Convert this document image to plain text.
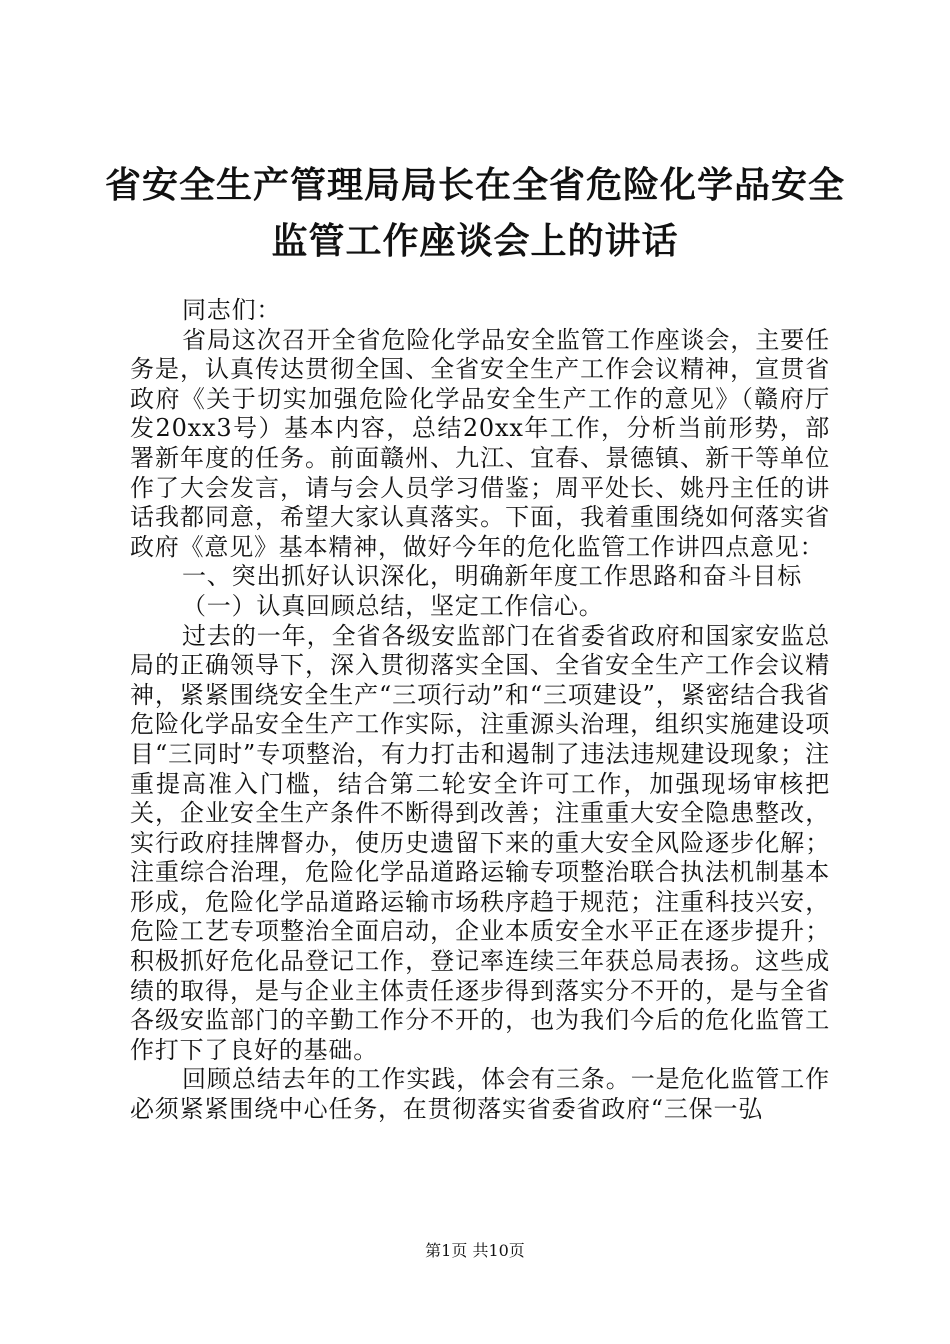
省安全生产管理局局长在全省危险化学品安全
监管工作座谈会上的讲话

同志们：

省局这次召开全省危险化学品安全监管工作座谈会，主要任务是，认真传达贯彻全国、全省安全生产工作会议精神，宣贯省政府《关于切实加强危险化学品安全生产工作的意见》（赣府厅发20xx3号）基本内容，总结20xx年工作，分析当前形势，部署新年度的任务。前面赣州、九江、宜春、景德镇、新干等单位作了大会发言，请与会人员学习借鉴；周平处长、姚丹主任的讲话我都同意，希望大家认真落实。下面，我着重围绕如何落实省政府《意见》基本精神，做好今年的危化监管工作讲四点意见：

一、突出抓好认识深化，明确新年度工作思路和奋斗目标

（一）认真回顾总结，坚定工作信心。

过去的一年，全省各级安监部门在省委省政府和国家安监总局的正确领导下，深入贯彻落实全国、全省安全生产工作会议精神，紧紧围绕安全生产“三项行动”和“三项建设”，紧密结合我省危险化学品安全生产工作实际，注重源头治理，组织实施建设项目“三同时”专项整治，有力打击和遏制了违法违规建设现象；注重提高准入门槛，结合第二轮安全许可工作，加强现场审核把关，企业安全生产条件不断得到改善；注重重大安全隐患整改，实行政府挂牌督办，使历史遗留下来的重大安全风险逐步化解；注重综合治理，危险化学品道路运输专项整治联合执法机制基本形成，危险化学品道路运输市场秩序趋于规范；注重科技兴安，危险工艺专项整治全面启动，企业本质安全水平正在逐步提升；积极抓好危化品登记工作，登记率连续三年获总局表扬。这些成绩的取得，是与企业主体责任逐步得到落实分不开的，是与全省各级安监部门的辛勤工作分不开的，也为我们今后的危化监管工作打下了良好的基础。

回顾总结去年的工作实践，体会有三条。一是危化监管工作必须紧紧围绕中心任务，在贯彻落实省委省政府“三保一弘

第1页 共10页
